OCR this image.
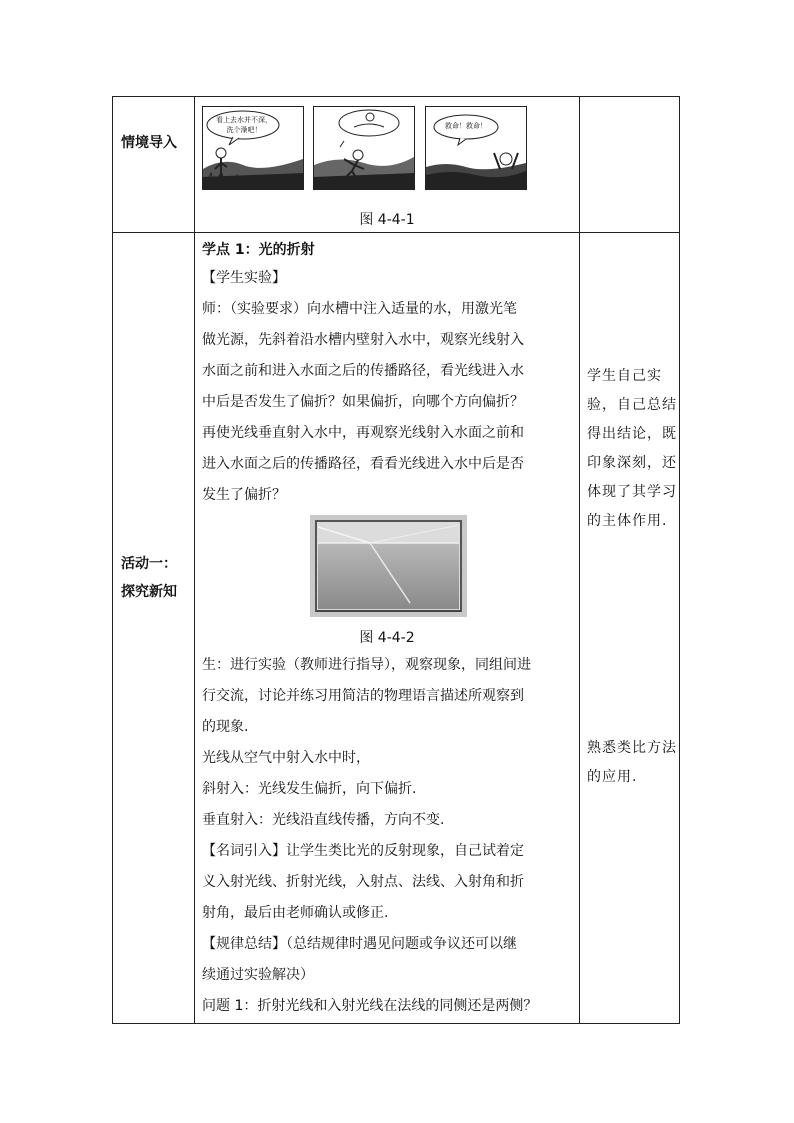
情境导入
看上去水并不深，洗个澡吧！	救命！救命！
图 4-4-1
活动一：
探究新知
学点 1：光的折射
【学生实验】
师：（实验要求）向水槽中注入适量的水，用激光笔
做光源，先斜着沿水槽内壁射入水中，观察光线射入
水面之前和进入水面之后的传播路径，看光线进入水
中后是否发生了偏折？如果偏折，向哪个方向偏折？
再使光线垂直射入水中，再观察光线射入水面之前和
进入水面之后的传播路径，看看光线进入水中后是否
发生了偏折？
图 4-4-2
生：进行实验（教师进行指导），观察现象，同组间进
行交流，讨论并练习用简洁的物理语言描述所观察到
的现象.
光线从空气中射入水中时，
斜射入：光线发生偏折，向下偏折.
垂直射入：光线沿直线传播，方向不变.
【名词引入】让学生类比光的反射现象，自己试着定
义入射光线、折射光线，入射点、法线、入射角和折
射角，最后由老师确认或修正.
【规律总结】（总结规律时遇见问题或争议还可以继
续通过实验解决）
问题 1：折射光线和入射光线在法线的同侧还是两侧？
学生自己实验，自己总结得出结论，既印象深刻，还体现了其学习的主体作用.
熟悉类比方法的应用.
